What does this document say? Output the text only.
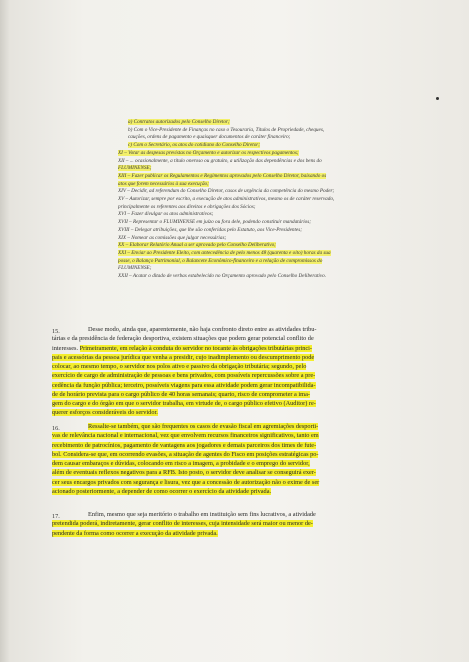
a) Contratos autorizados pelo Conselho Diretor;
b) Com o Vice-Presidente de Finanças no caso o Tesouraria, Títulos de Propriedade, cheques,
cauções, ordens de pagamento e quaisquer documentos de caráter financeiro;
c) Com o Secretário, os atos do cotidiano do Conselho Diretor;
XI – Votar as despesas previstas no Orçamento e autorizar os respectivos pagamentos;
XII – ... ocasionalmente, a título oneroso ou gratuito, a utilização das dependências e dos bens do
FLUMINENSE;
XIII – Fazer publicar os Regulamentos e Regimentos aprovados pelo Conselho Diretor, baixando os
atos que forem necessários à sua execução;
XIV – Decidir, ad referendum do Conselho Diretor, casos de urgência da competência do mesmo Poder;
XV – Autorizar, sempre por escrito, a execução de atos administrativos, mesmo os de caráter reservado,
principalmente os referentes aos direitos e obrigações dos Sócios;
XVI – Fazer divulgar os atos administrativos;
XVII – Representar o FLUMINENSE em juízo ou fora dele, podendo constituir mandatários;
XVIII – Delegar atribuições, que lhe são conferidas pelo Estatuto, aos Vice-Presidentes;
XIX – Nomear as comissões que julgar necessárias;
XX – Elaborar Relatório Anual a ser aprovado pelo Conselho Deliberativo;
XXI – Enviar ao Presidente Eleito, com antecedência de pelo menos 48 (quarenta e oito) horas da sua
posse, o Balanço Patrimonial, o Balancete Econômico-financeiro e a relação de compromissos do
FLUMINENSE;
XXII – Acatar o ditado de verbas estabelecido no Orçamento aprovado pelo Conselho Deliberativo.
15.	Desse modo, ainda que, aparentemente, não haja confronto direto entre as atividades tribu-
tárias e da presidência de federação desportiva, existem situações que podem gerar potencial conflito de
interesses. Primeiramente, em relação à conduta do servidor no tocante às obrigações tributárias princi-
pais e acessórias da pessoa jurídica que venha a presidir, cujo inadimplemento ou descumprimento pode
colocar, ao mesmo tempo, o servidor nos polos ativo e passivo da obrigação tributária; segundo, pelo
exercício de cargo de administração de pessoas e bens privados, com possíveis repercussões sobre a pre-
cedência da função pública; terceiro, possíveis viagens para essa atividade podem gerar incompatibilida-
de de horário prevista para o cargo público de 40 horas semanais; quarto, risco de comprometer a ima-
gem do cargo e do órgão em que o servidor trabalha, em virtude de, o cargo público efetivo (Auditor) re-
querer esforços consideráveis do servidor.
16.	Ressalte-se também, que são frequentes os casos de evasão fiscal em agremiações desporti-
vas de relevância nacional e internacional, vez que envolvem recursos financeiros significativos, tanto em
recebimento de patrocínios, pagamento de vantagens aos jogadores e demais parceiros dos times de fute-
bol. Considera-se que, em ocorrendo evasões, a situação de agentes do Fisco em posições estratégicas po-
dem causar embaraços e dúvidas, colocando em risco a imagem, a probidade e o emprego do servidor,
além de eventuais reflexos negativos para a RFB. Isto posto, o servidor deve analisar se conseguirá exer-
cer seus encargos privados com segurança e lisura, vez que a concessão de autorização não o exime de ser
acionado posteriormente, a depender de como ocorrer o exercício da atividade privada.
17.	Enfim, mesmo que seja meritório o trabalho em instituição sem fins lucrativos, a atividade
pretendida poderá, indiretamente, gerar conflito de interesses, cuja intensidade será maior ou menor de-
pendente da forma como ocorrer a execução da atividade privada.
